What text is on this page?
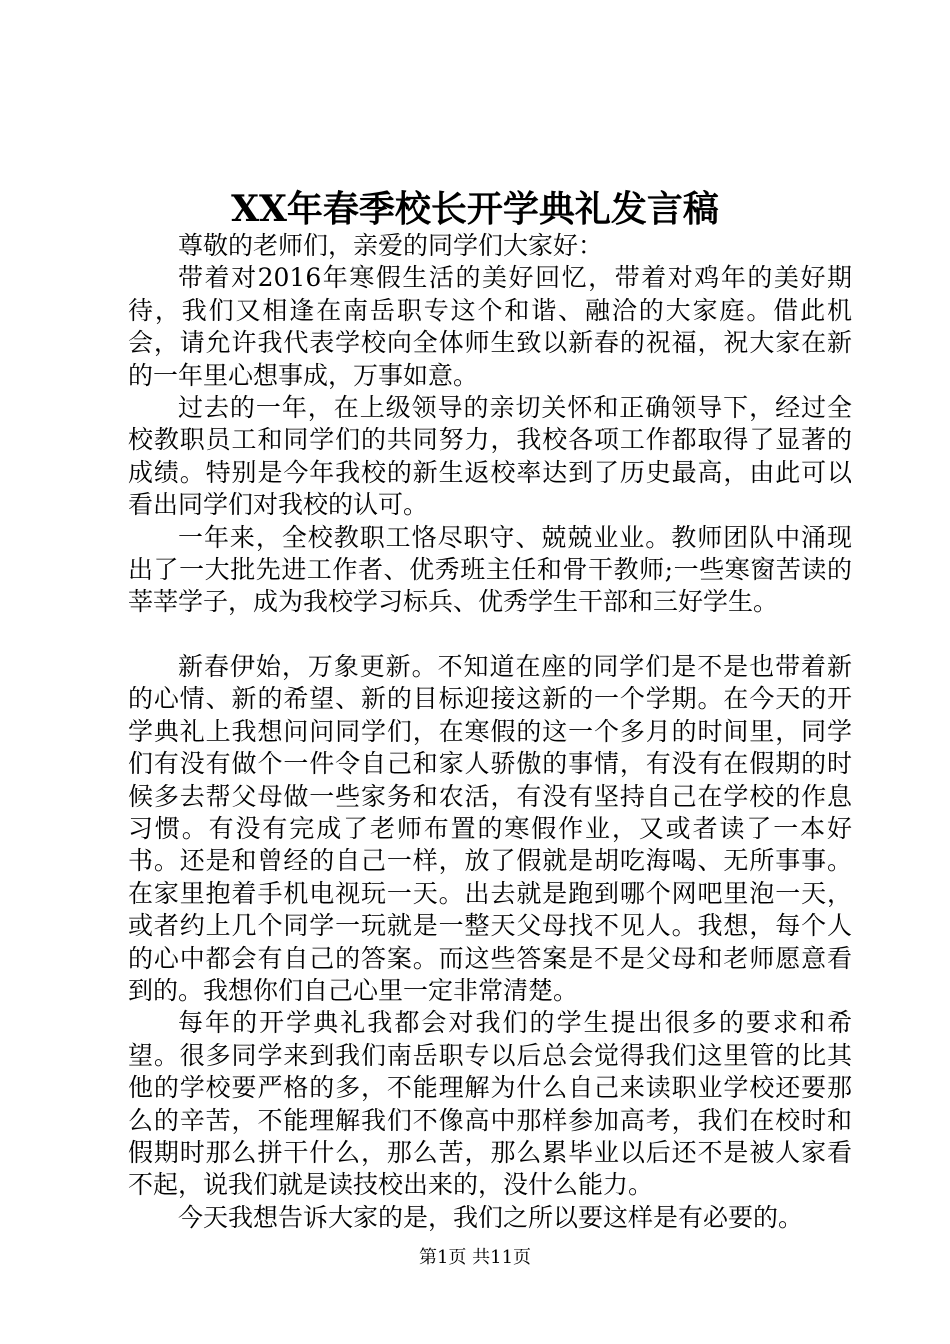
XX年春季校长开学典礼发言稿

尊敬的老师们，亲爱的同学们大家好：

带着对2016年寒假生活的美好回忆，带着对鸡年的美好期待，我们又相逢在南岳职专这个和谐、融洽的大家庭。借此机会，请允许我代表学校向全体师生致以新春的祝福，祝大家在新的一年里心想事成，万事如意。

过去的一年，在上级领导的亲切关怀和正确领导下，经过全校教职员工和同学们的共同努力，我校各项工作都取得了显著的成绩。特别是今年我校的新生返校率达到了历史最高，由此可以看出同学们对我校的认可。

一年来，全校教职工恪尽职守、兢兢业业。教师团队中涌现出了一大批先进工作者、优秀班主任和骨干教师;一些寒窗苦读的莘莘学子，成为我校学习标兵、优秀学生干部和三好学生。

新春伊始，万象更新。不知道在座的同学们是不是也带着新的心情、新的希望、新的目标迎接这新的一个学期。在今天的开学典礼上我想问问同学们，在寒假的这一个多月的时间里，同学们有没有做个一件令自己和家人骄傲的事情，有没有在假期的时候多去帮父母做一些家务和农活，有没有坚持自己在学校的作息习惯。有没有完成了老师布置的寒假作业，又或者读了一本好书。还是和曾经的自己一样，放了假就是胡吃海喝、无所事事。在家里抱着手机电视玩一天。出去就是跑到哪个网吧里泡一天，或者约上几个同学一玩就是一整天父母找不见人。我想，每个人的心中都会有自己的答案。而这些答案是不是父母和老师愿意看到的。我想你们自己心里一定非常清楚。

每年的开学典礼我都会对我们的学生提出很多的要求和希望。很多同学来到我们南岳职专以后总会觉得我们这里管的比其他的学校要严格的多，不能理解为什么自己来读职业学校还要那么的辛苦，不能理解我们不像高中那样参加高考，我们在校时和假期时那么拼干什么，那么苦，那么累毕业以后还不是被人家看不起，说我们就是读技校出来的，没什么能力。

今天我想告诉大家的是，我们之所以要这样是有必要的。

第1页 共11页
